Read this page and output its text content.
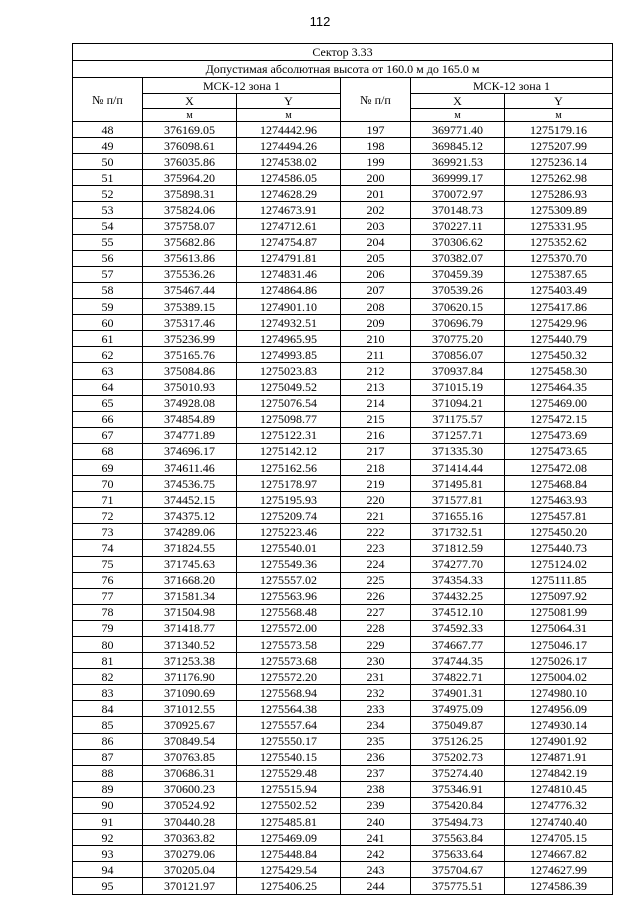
112
Сектор 3.33					
Допустимая абсолютная высота от 160.0 м до 165.0 м					
№ п/п	МСК-12 зона 1		№ п/п	МСК-12 зона 1	
	X	Y		X	Y
	м	м		м	м
48	376169.05	1274442.96	197	369771.40	1275179.16
49	376098.61	1274494.26	198	369845.12	1275207.99
50	376035.86	1274538.02	199	369921.53	1275236.14
51	375964.20	1274586.05	200	369999.17	1275262.98
52	375898.31	1274628.29	201	370072.97	1275286.93
53	375824.06	1274673.91	202	370148.73	1275309.89
54	375758.07	1274712.61	203	370227.11	1275331.95
55	375682.86	1274754.87	204	370306.62	1275352.62
56	375613.86	1274791.81	205	370382.07	1275370.70
57	375536.26	1274831.46	206	370459.39	1275387.65
58	375467.44	1274864.86	207	370539.26	1275403.49
59	375389.15	1274901.10	208	370620.15	1275417.86
60	375317.46	1274932.51	209	370696.79	1275429.96
61	375236.99	1274965.95	210	370775.20	1275440.79
62	375165.76	1274993.85	211	370856.07	1275450.32
63	375084.86	1275023.83	212	370937.84	1275458.30
64	375010.93	1275049.52	213	371015.19	1275464.35
65	374928.08	1275076.54	214	371094.21	1275469.00
66	374854.89	1275098.77	215	371175.57	1275472.15
67	374771.89	1275122.31	216	371257.71	1275473.69
68	374696.17	1275142.12	217	371335.30	1275473.65
69	374611.46	1275162.56	218	371414.44	1275472.08
70	374536.75	1275178.97	219	371495.81	1275468.84
71	374452.15	1275195.93	220	371577.81	1275463.93
72	374375.12	1275209.74	221	371655.16	1275457.81
73	374289.06	1275223.46	222	371732.51	1275450.20
74	371824.55	1275540.01	223	371812.59	1275440.73
75	371745.63	1275549.36	224	374277.70	1275124.02
76	371668.20	1275557.02	225	374354.33	1275111.85
77	371581.34	1275563.96	226	374432.25	1275097.92
78	371504.98	1275568.48	227	374512.10	1275081.99
79	371418.77	1275572.00	228	374592.33	1275064.31
80	371340.52	1275573.58	229	374667.77	1275046.17
81	371253.38	1275573.68	230	374744.35	1275026.17
82	371176.90	1275572.20	231	374822.71	1275004.02
83	371090.69	1275568.94	232	374901.31	1274980.10
84	371012.55	1275564.38	233	374975.09	1274956.09
85	370925.67	1275557.64	234	375049.87	1274930.14
86	370849.54	1275550.17	235	375126.25	1274901.92
87	370763.85	1275540.15	236	375202.73	1274871.91
88	370686.31	1275529.48	237	375274.40	1274842.19
89	370600.23	1275515.94	238	375346.91	1274810.45
90	370524.92	1275502.52	239	375420.84	1274776.32
91	370440.28	1275485.81	240	375494.73	1274740.40
92	370363.82	1275469.09	241	375563.84	1274705.15
93	370279.06	1275448.84	242	375633.64	1274667.82
94	370205.04	1275429.54	243	375704.67	1274627.99
95	370121.97	1275406.25	244	375775.51	1274586.39
